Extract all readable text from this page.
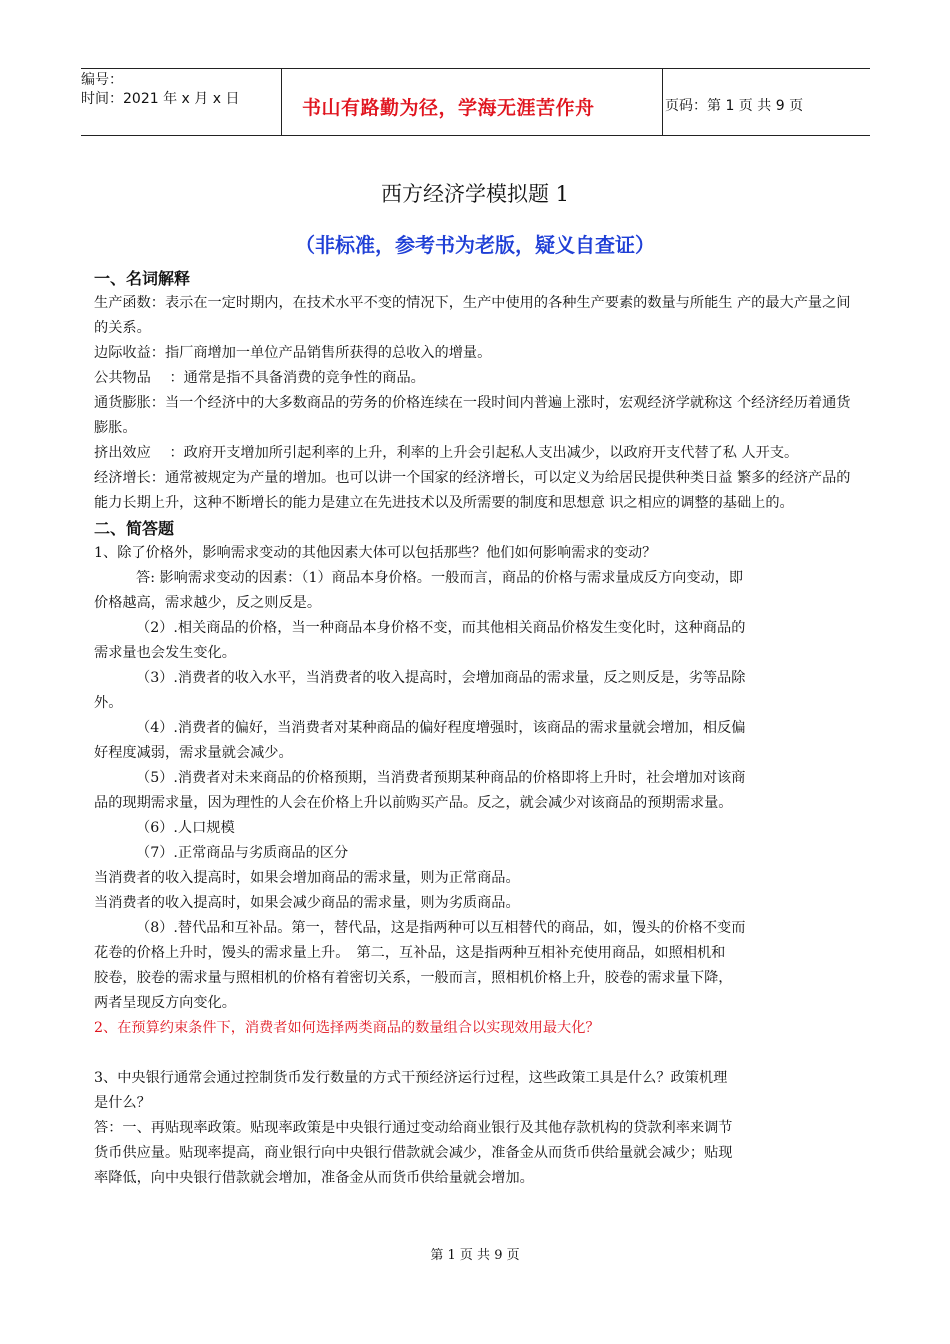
编号：
时间：2021 年 x 月 x 日	书山有路勤为径，学海无涯苦作舟	页码：第 1 页 共 9 页
西方经济学模拟题 1
（非标准，参考书为老版，疑义自查证）

一、名词解释

生产函数：表示在一定时期内，在技术水平不变的情况下，生产中使用的各种生产要素的数量与所能生 产的最大产量之间的关系。

边际收益：指厂商增加一单位产品销售所获得的总收入的增量。

公共物品 　：通常是指不具备消费的竞争性的商品。

通货膨胀：当一个经济中的大多数商品的劳务的价格连续在一段时间内普遍上涨时，宏观经济学就称这 个经济经历着通货膨胀。

挤出效应 　：政府开支增加所引起利率的上升，利率的上升会引起私人支出减少，以政府开支代替了私 人开支。

经济增长：通常被规定为产量的增加。也可以讲一个国家的经济增长，可以定义为给居民提供种类日益 繁多的经济产品的能力长期上升，这种不断增长的能力是建立在先进技术以及所需要的制度和思想意 识之相应的调整的基础上的。

二、简答题

1、除了价格外，影响需求变动的其他因素大体可以包括那些？他们如何影响需求的变动？

答: 影响需求变动的因素：（1）商品本身价格。一般而言，商品的价格与需求量成反方向变动，即

价格越高，需求越少，反之则反是。

（2）.相关商品的价格，当一种商品本身价格不变，而其他相关商品价格发生变化时，这种商品的

需求量也会发生变化。

（3）.消费者的收入水平，当消费者的收入提高时，会增加商品的需求量，反之则反是，劣等品除

外。

（4）.消费者的偏好，当消费者对某种商品的偏好程度增强时，该商品的需求量就会增加，相反偏

好程度减弱，需求量就会减少。

（5）.消费者对未来商品的价格预期，当消费者预期某种商品的价格即将上升时，社会增加对该商

品的现期需求量，因为理性的人会在价格上升以前购买产品。反之，就会减少对该商品的预期需求量。

（6）.人口规模

（7）.正常商品与劣质商品的区分

当消费者的收入提高时，如果会增加商品的需求量，则为正常商品。

当消费者的收入提高时，如果会减少商品的需求量，则为劣质商品。

（8）.替代品和互补品。第一，替代品，这是指两种可以互相替代的商品，如，馒头的价格不变而

花卷的价格上升时，馒头的需求量上升。　第二，互补品，这是指两种互相补充使用商品，如照相机和

胶卷，胶卷的需求量与照相机的价格有着密切关系，一般而言，照相机价格上升，胶卷的需求量下降，

两者呈现反方向变化。

2、在预算约束条件下，消费者如何选择两类商品的数量组合以实现效用最大化？

3、中央银行通常会通过控制货币发行数量的方式干预经济运行过程，这些政策工具是什么？政策机理

是什么？

答：一、再贴现率政策。贴现率政策是中央银行通过变动给商业银行及其他存款机构的贷款利率来调节

货币供应量。贴现率提高，商业银行向中央银行借款就会减少，准备金从而货币供给量就会减少；贴现

率降低，向中央银行借款就会增加，准备金从而货币供给量就会增加。

第 1 页 共 9 页
